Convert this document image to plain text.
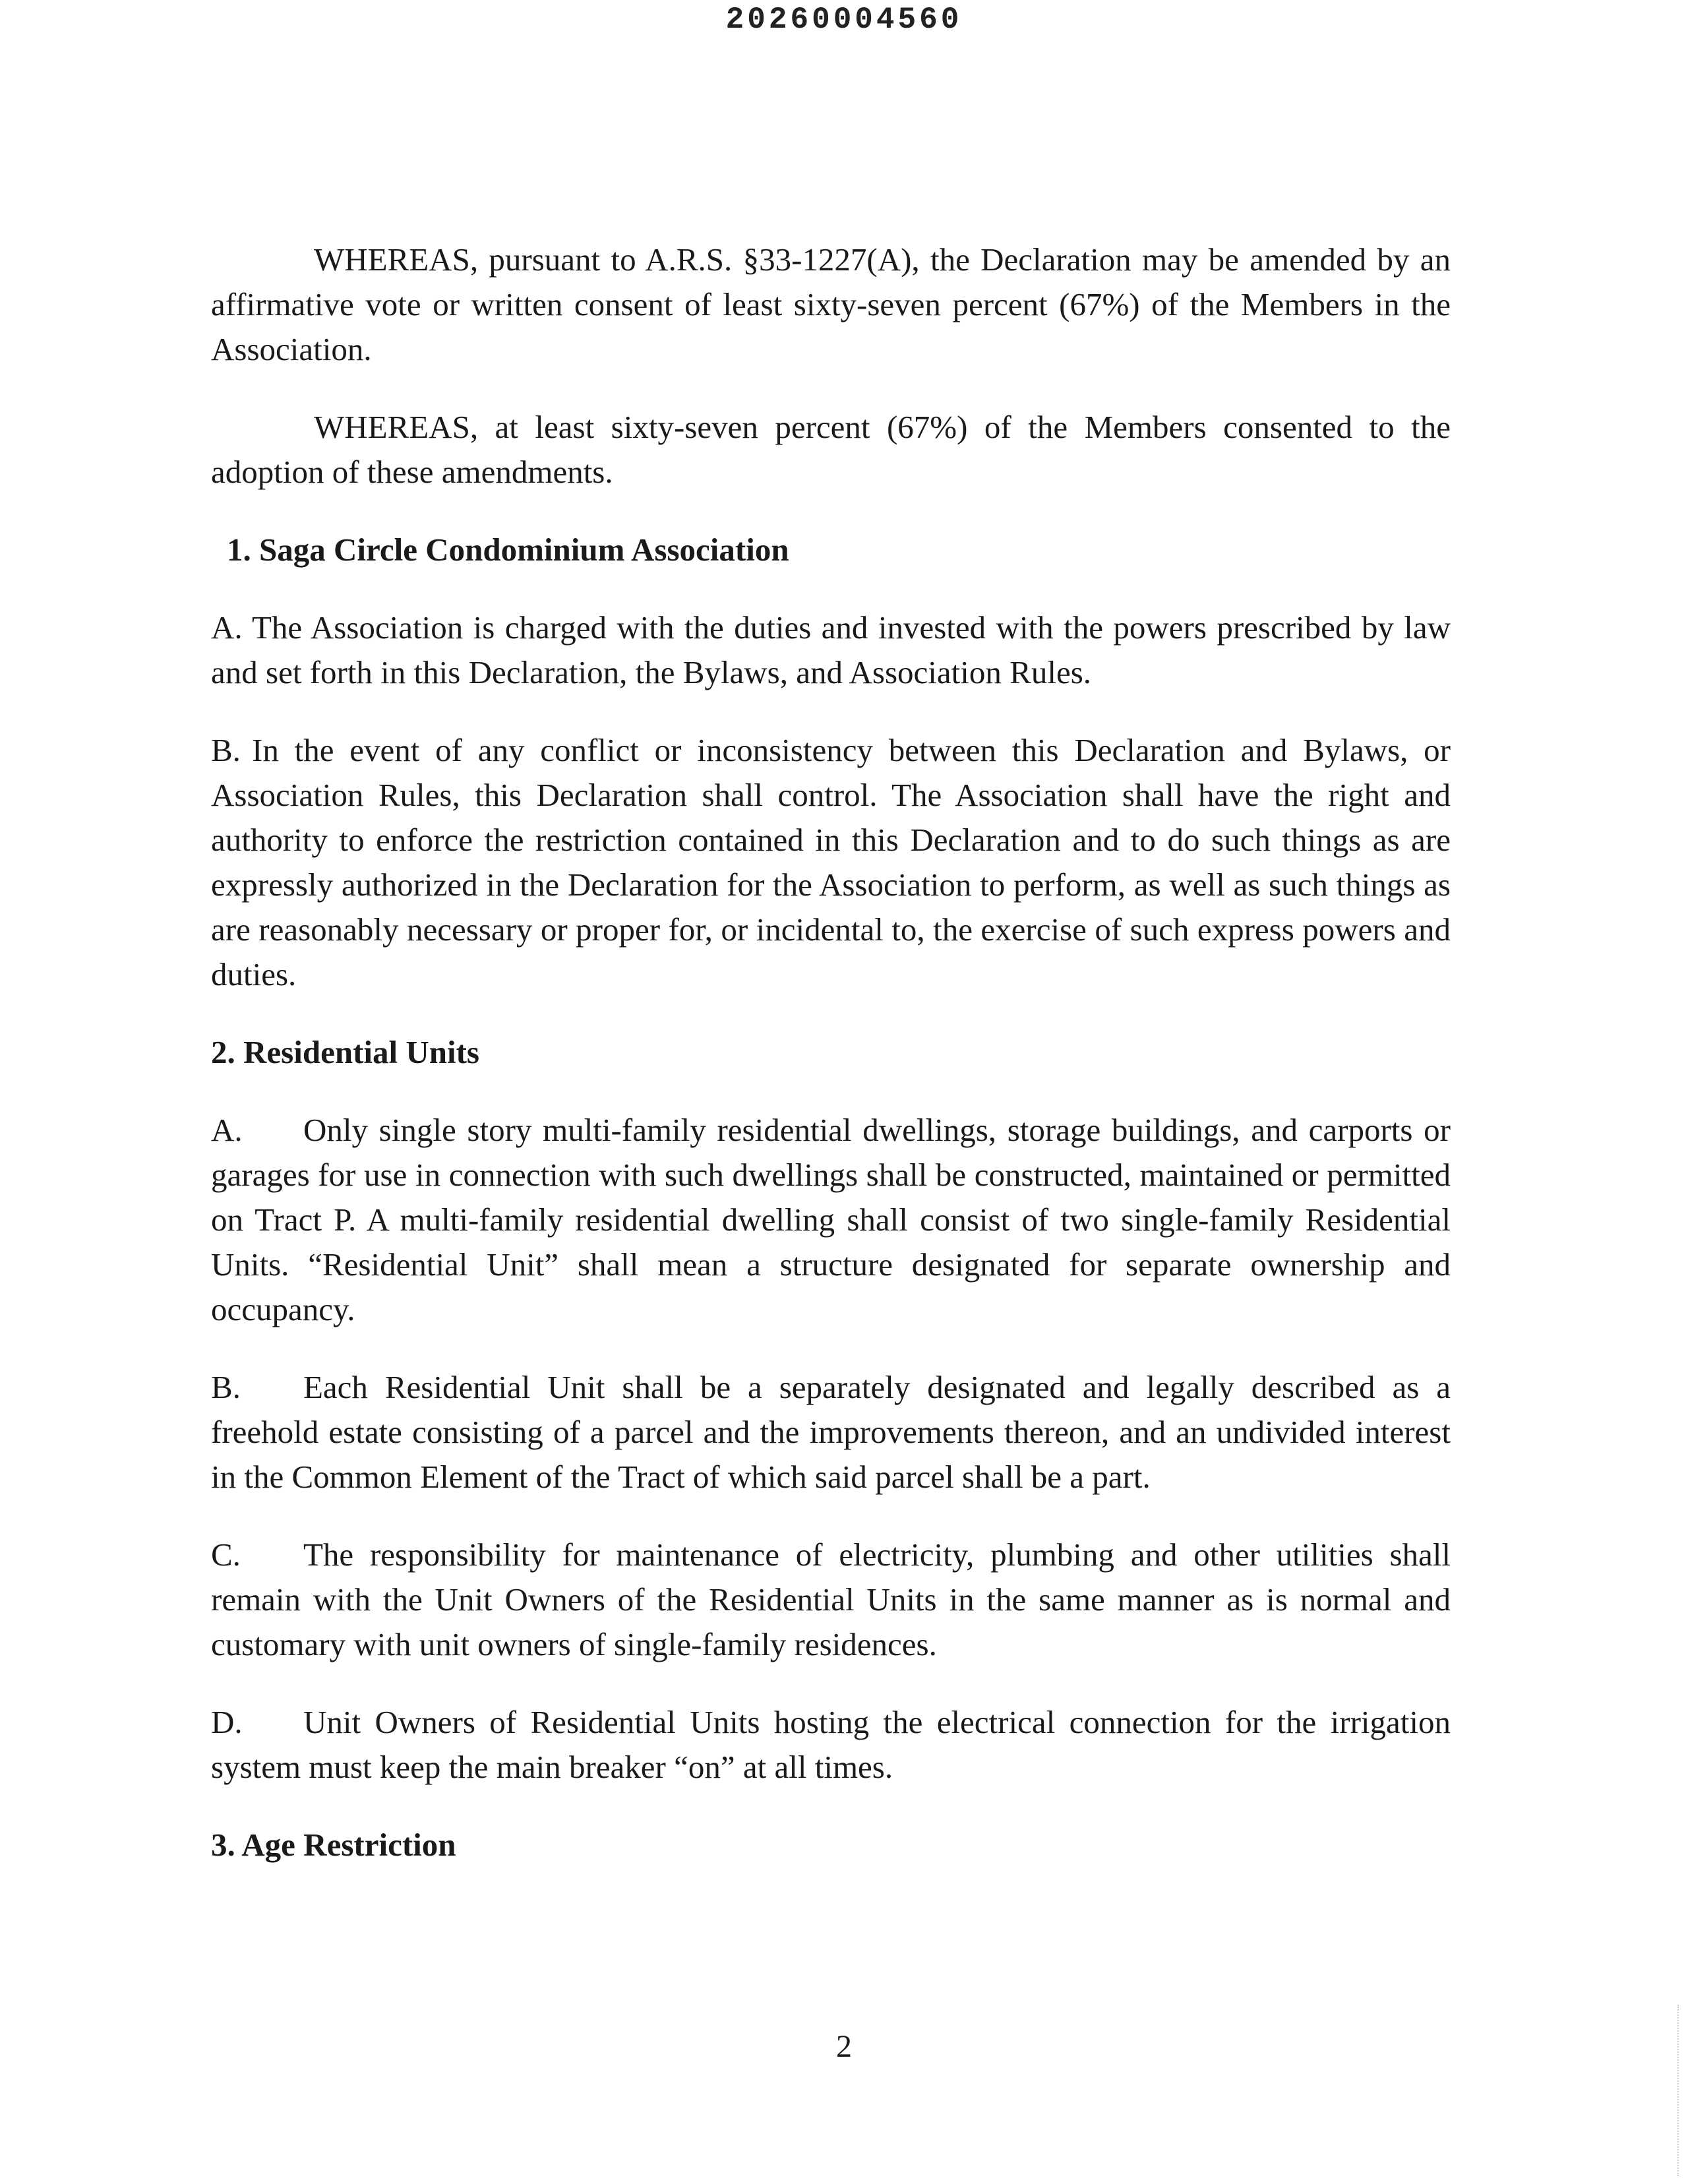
20260004560

WHEREAS, pursuant to A.R.S. §33-1227(A), the Declaration may be amended by an affirmative vote or written consent of least sixty-seven percent (67%) of the Members in the Association.

WHEREAS, at least sixty-seven percent (67%) of the Members consented to the adoption of these amendments.

1. Saga Circle Condominium Association

A. The Association is charged with the duties and invested with the powers prescribed by law and set forth in this Declaration, the Bylaws, and Association Rules.

B. In the event of any conflict or inconsistency between this Declaration and Bylaws, or Association Rules, this Declaration shall control. The Association shall have the right and authority to enforce the restriction contained in this Declaration and to do such things as are expressly authorized in the Declaration for the Association to perform, as well as such things as are reasonably necessary or proper for, or incidental to, the exercise of such express powers and duties.

2. Residential Units

A. Only single story multi-family residential dwellings, storage buildings, and carports or garages for use in connection with such dwellings shall be constructed, maintained or permitted on Tract P. A multi-family residential dwelling shall consist of two single-family Residential Units. “Residential Unit” shall mean a structure designated for separate ownership and occupancy.

B. Each Residential Unit shall be a separately designated and legally described as a freehold estate consisting of a parcel and the improvements thereon, and an undivided interest in the Common Element of the Tract of which said parcel shall be a part.

C. The responsibility for maintenance of electricity, plumbing and other utilities shall remain with the Unit Owners of the Residential Units in the same manner as is normal and customary with unit owners of single-family residences.

D. Unit Owners of Residential Units hosting the electrical connection for the irrigation system must keep the main breaker “on” at all times.

3. Age Restriction
2
